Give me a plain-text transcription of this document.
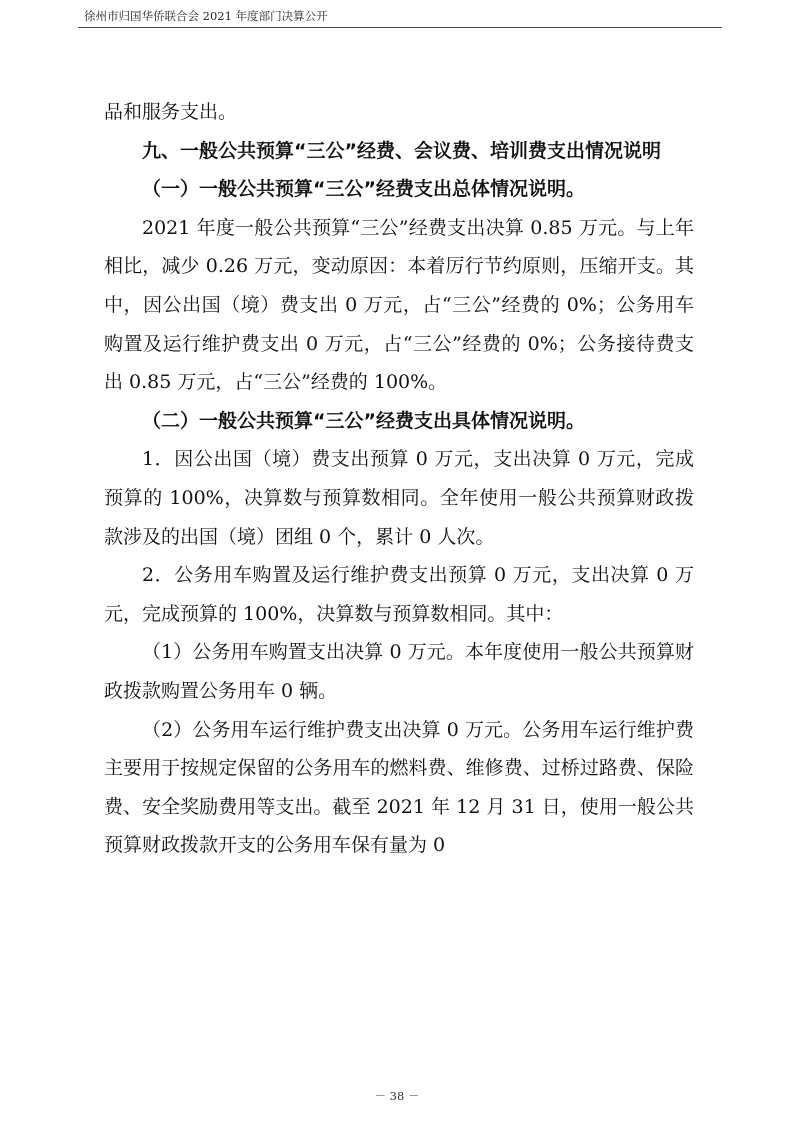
徐州市归国华侨联合会 2021 年度部门决算公开

品和服务支出。

九、一般公共预算“三公”经费、会议费、培训费支出情况说明

（一）一般公共预算“三公”经费支出总体情况说明。

2021 年度一般公共预算“三公”经费支出决算 0.85 万元。与上年相比，减少 0.26 万元，变动原因：本着厉行节约原则，压缩开支。其中，因公出国（境）费支出 0 万元，占“三公”经费的 0%；公务用车购置及运行维护费支出 0 万元，占“三公”经费的 0%；公务接待费支出 0.85 万元，占“三公”经费的 100%。

（二）一般公共预算“三公”经费支出具体情况说明。

1．因公出国（境）费支出预算 0 万元，支出决算 0 万元，完成预算的 100%，决算数与预算数相同。全年使用一般公共预算财政拨款涉及的出国（境）团组 0 个，累计 0 人次。

2．公务用车购置及运行维护费支出预算 0 万元，支出决算 0 万元，完成预算的 100%，决算数与预算数相同。其中：

（1）公务用车购置支出决算 0 万元。本年度使用一般公共预算财政拨款购置公务用车 0 辆。

（2）公务用车运行维护费支出决算 0 万元。公务用车运行维护费主要用于按规定保留的公务用车的燃料费、维修费、过桥过路费、保险费、安全奖励费用等支出。截至 2021 年 12 月 31 日，使用一般公共预算财政拨款开支的公务用车保有量为 0

－ 38 －
